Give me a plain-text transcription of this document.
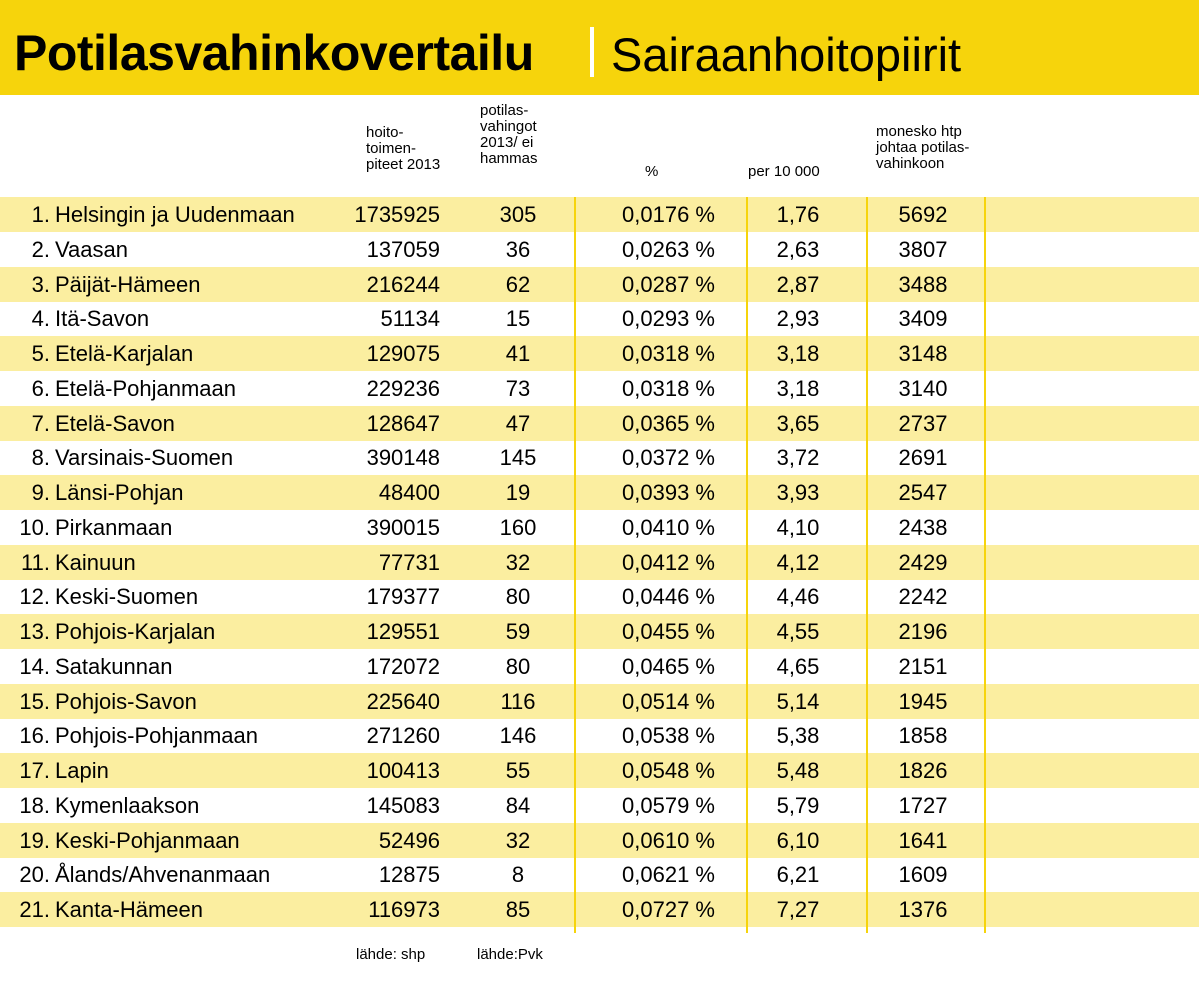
Potilasvahinkovertailu Sairaanhoitopiirit
hoito-
toimen-
piteet 2013
potilas-
vahingot
2013/ ei
hammas
%	per 10 000
monesko htp
johtaa potilas-
vahinkoon
1. Helsingin ja Uudenmaan	1735925	305	0,0176 %	1,76	5692
2. Vaasan	137059	36	0,0263 %	2,63	3807
3. Päijät-Hämeen	216244	62	0,0287 %	2,87	3488
4. Itä-Savon	51134	15	0,0293 %	2,93	3409
5. Etelä-Karjalan	129075	41	0,0318 %	3,18	3148
6. Etelä-Pohjanmaan	229236	73	0,0318 %	3,18	3140
7. Etelä-Savon	128647	47	0,0365 %	3,65	2737
8. Varsinais-Suomen	390148	145	0,0372 %	3,72	2691
9. Länsi-Pohjan	48400	19	0,0393 %	3,93	2547
10. Pirkanmaan	390015	160	0,0410 %	4,10	2438
11. Kainuun	77731	32	0,0412 %	4,12	2429
12. Keski-Suomen	179377	80	0,0446 %	4,46	2242
13. Pohjois-Karjalan	129551	59	0,0455 %	4,55	2196
14. Satakunnan	172072	80	0,0465 %	4,65	2151
15. Pohjois-Savon	225640	116	0,0514 %	5,14	1945
16. Pohjois-Pohjanmaan	271260	146	0,0538 %	5,38	1858
17. Lapin	100413	55	0,0548 %	5,48	1826
18. Kymenlaakson	145083	84	0,0579 %	5,79	1727
19. Keski-Pohjanmaan	52496	32	0,0610 %	6,10	1641
20. Ålands/Ahvenanmaan	12875	8	0,0621 %	6,21	1609
21. Kanta-Hämeen	116973	85	0,0727 %	7,27	1376
lähde: shp	lähde:Pvk
